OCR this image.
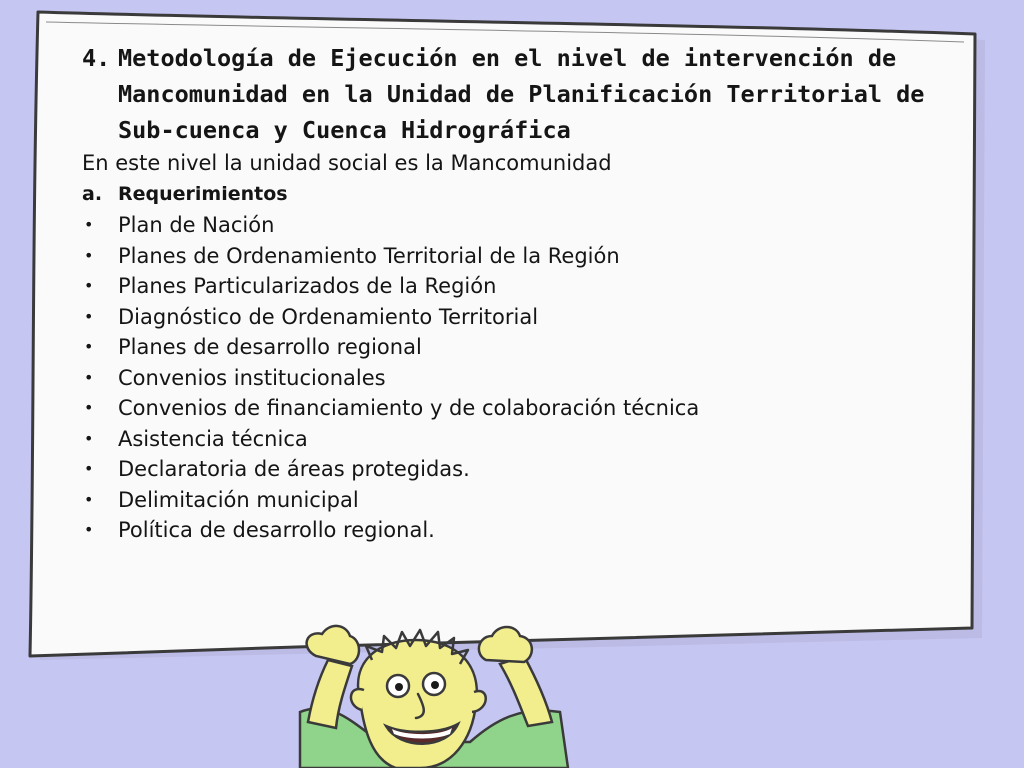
4. Metodología de Ejecución en el nivel de intervención de Mancomunidad en la Unidad de Planificación Territorial de Sub-cuenca y Cuenca Hidrográfica

En este nivel la unidad social es la Mancomunidad

a. Requerimientos
•	Plan de Nación
•	Planes de Ordenamiento Territorial de la Región
•	Planes Particularizados de la Región
•	Diagnóstico de Ordenamiento Territorial
•	Planes de desarrollo regional
•	Convenios institucionales
•	Convenios de financiamiento y de colaboración técnica
•	Asistencia técnica
•	Declaratoria de áreas protegidas.
•	Delimitación municipal
•	Política de desarrollo regional.
